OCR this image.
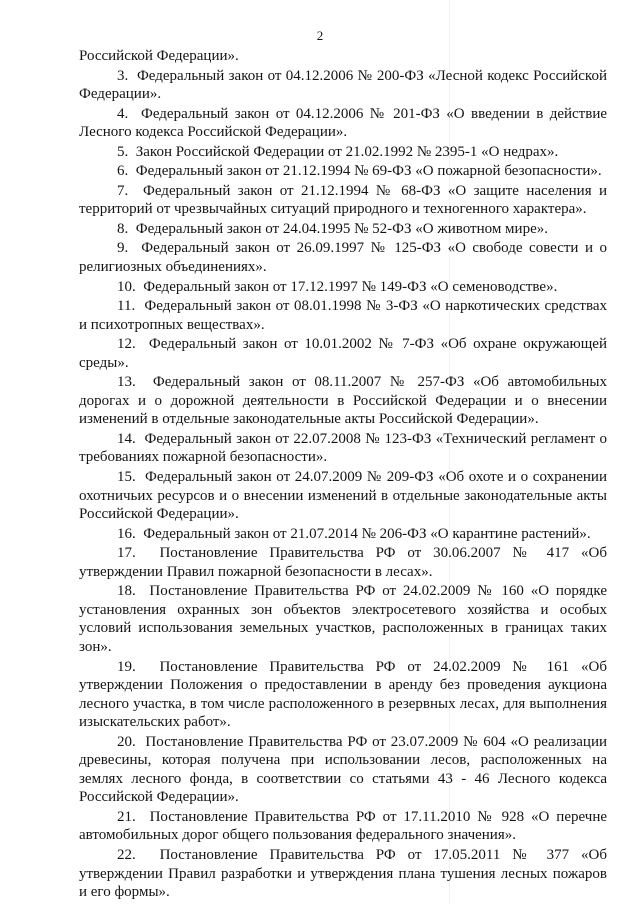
2

Российской Федерации».

3. Федеральный закон от 04.12.2006 № 200-ФЗ «Лесной кодекс Российской Федерации».

4. Федеральный закон от 04.12.2006 № 201-ФЗ «О введении в действие Лесного кодекса Российской Федерации».

5. Закон Российской Федерации от 21.02.1992 № 2395-1 «О недрах».

6. Федеральный закон от 21.12.1994 № 69-ФЗ «О пожарной безопасности».

7. Федеральный закон от 21.12.1994 № 68-ФЗ «О защите населения и территорий от чрезвычайных ситуаций природного и техногенного характера».

8. Федеральный закон от 24.04.1995 № 52-ФЗ «О животном мире».

9. Федеральный закон от 26.09.1997 № 125-ФЗ «О свободе совести и о религиозных объединениях».

10. Федеральный закон от 17.12.1997 № 149-ФЗ «О семеноводстве».

11. Федеральный закон от 08.01.1998 № 3-ФЗ «О наркотических средствах и психотропных веществах».

12. Федеральный закон от 10.01.2002 № 7-ФЗ «Об охране окружающей среды».

13. Федеральный закон от 08.11.2007 № 257-ФЗ «Об автомобильных дорогах и о дорожной деятельности в Российской Федерации и о внесении изменений в отдельные законодательные акты Российской Федерации».

14. Федеральный закон от 22.07.2008 № 123-ФЗ «Технический регламент о требованиях пожарной безопасности».

15. Федеральный закон от 24.07.2009 № 209-ФЗ «Об охоте и о сохранении охотничьих ресурсов и о внесении изменений в отдельные законодательные акты Российской Федерации».

16. Федеральный закон от 21.07.2014 № 206-ФЗ «О карантине растений».

17. Постановление Правительства РФ от 30.06.2007 № 417 «Об утверждении Правил пожарной безопасности в лесах».

18. Постановление Правительства РФ от 24.02.2009 № 160 «О порядке установления охранных зон объектов электросетевого хозяйства и особых условий использования земельных участков, расположенных в границах таких зон».

19. Постановление Правительства РФ от 24.02.2009 № 161 «Об утверждении Положения о предоставлении в аренду без проведения аукциона лесного участка, в том числе расположенного в резервных лесах, для выполнения изыскательских работ».

20. Постановление Правительства РФ от 23.07.2009 № 604 «О реализации древесины, которая получена при использовании лесов, расположенных на землях лесного фонда, в соответствии со статьями 43 - 46 Лесного кодекса Российской Федерации».

21. Постановление Правительства РФ от 17.11.2010 № 928 «О перечне автомобильных дорог общего пользования федерального значения».

22. Постановление Правительства РФ от 17.05.2011 № 377 «Об утверждении Правил разработки и утверждения плана тушения лесных пожаров и его формы».
